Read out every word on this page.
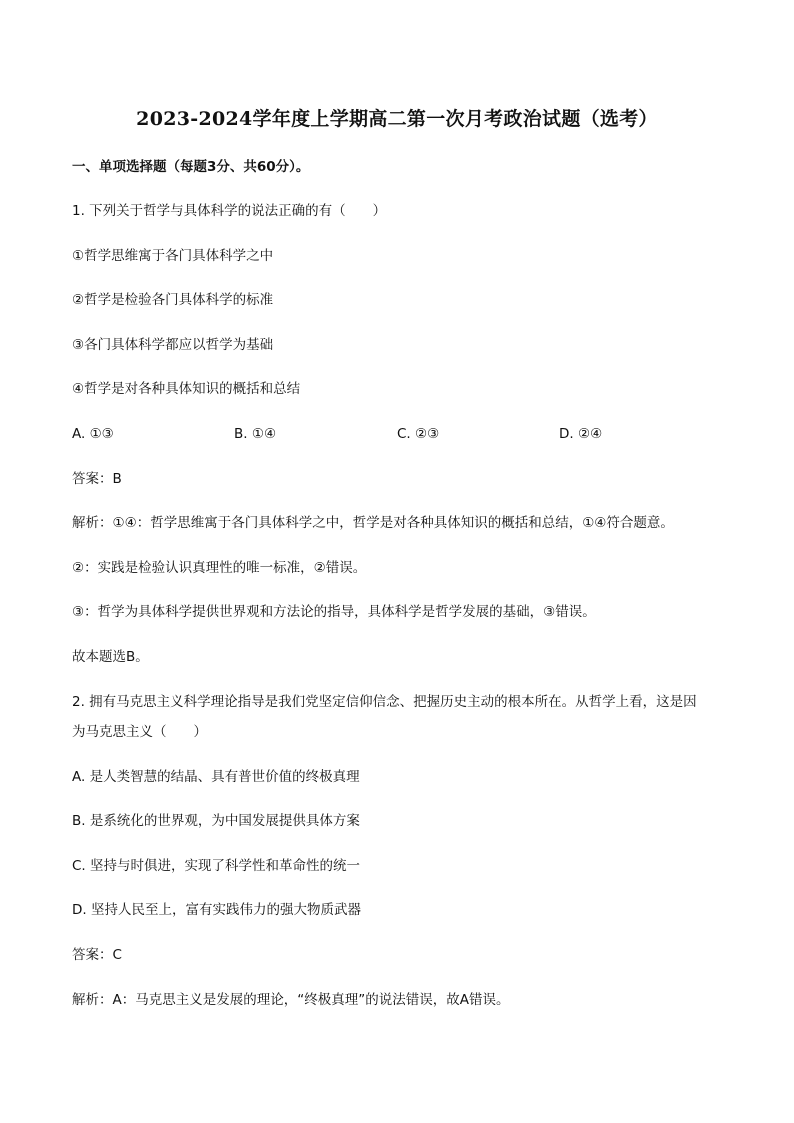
2023-2024学年度上学期高二第一次月考政治试题（选考）
一、单项选择题（每题3分、共60分）。
1. 下列关于哲学与具体科学的说法正确的有（　　）
①哲学思维寓于各门具体科学之中
②哲学是检验各门具体科学的标准
③各门具体科学都应以哲学为基础
④哲学是对各种具体知识的概括和总结
A. ①③	B. ①④	C. ②③	D. ②④
答案：B
解析：①④：哲学思维寓于各门具体科学之中，哲学是对各种具体知识的概括和总结，①④符合题意。
②：实践是检验认识真理性的唯一标准，②错误。
③：哲学为具体科学提供世界观和方法论的指导，具体科学是哲学发展的基础，③错误。
故本题选B。
2. 拥有马克思主义科学理论指导是我们党坚定信仰信念、把握历史主动的根本所在。从哲学上看，这是因
为马克思主义（　　）
A. 是人类智慧的结晶、具有普世价值的终极真理
B. 是系统化的世界观，为中国发展提供具体方案
C. 坚持与时俱进，实现了科学性和革命性的统一
D. 坚持人民至上，富有实践伟力的强大物质武器
答案：C
解析：A：马克思主义是发展的理论，“终极真理”的说法错误，故A错误。
